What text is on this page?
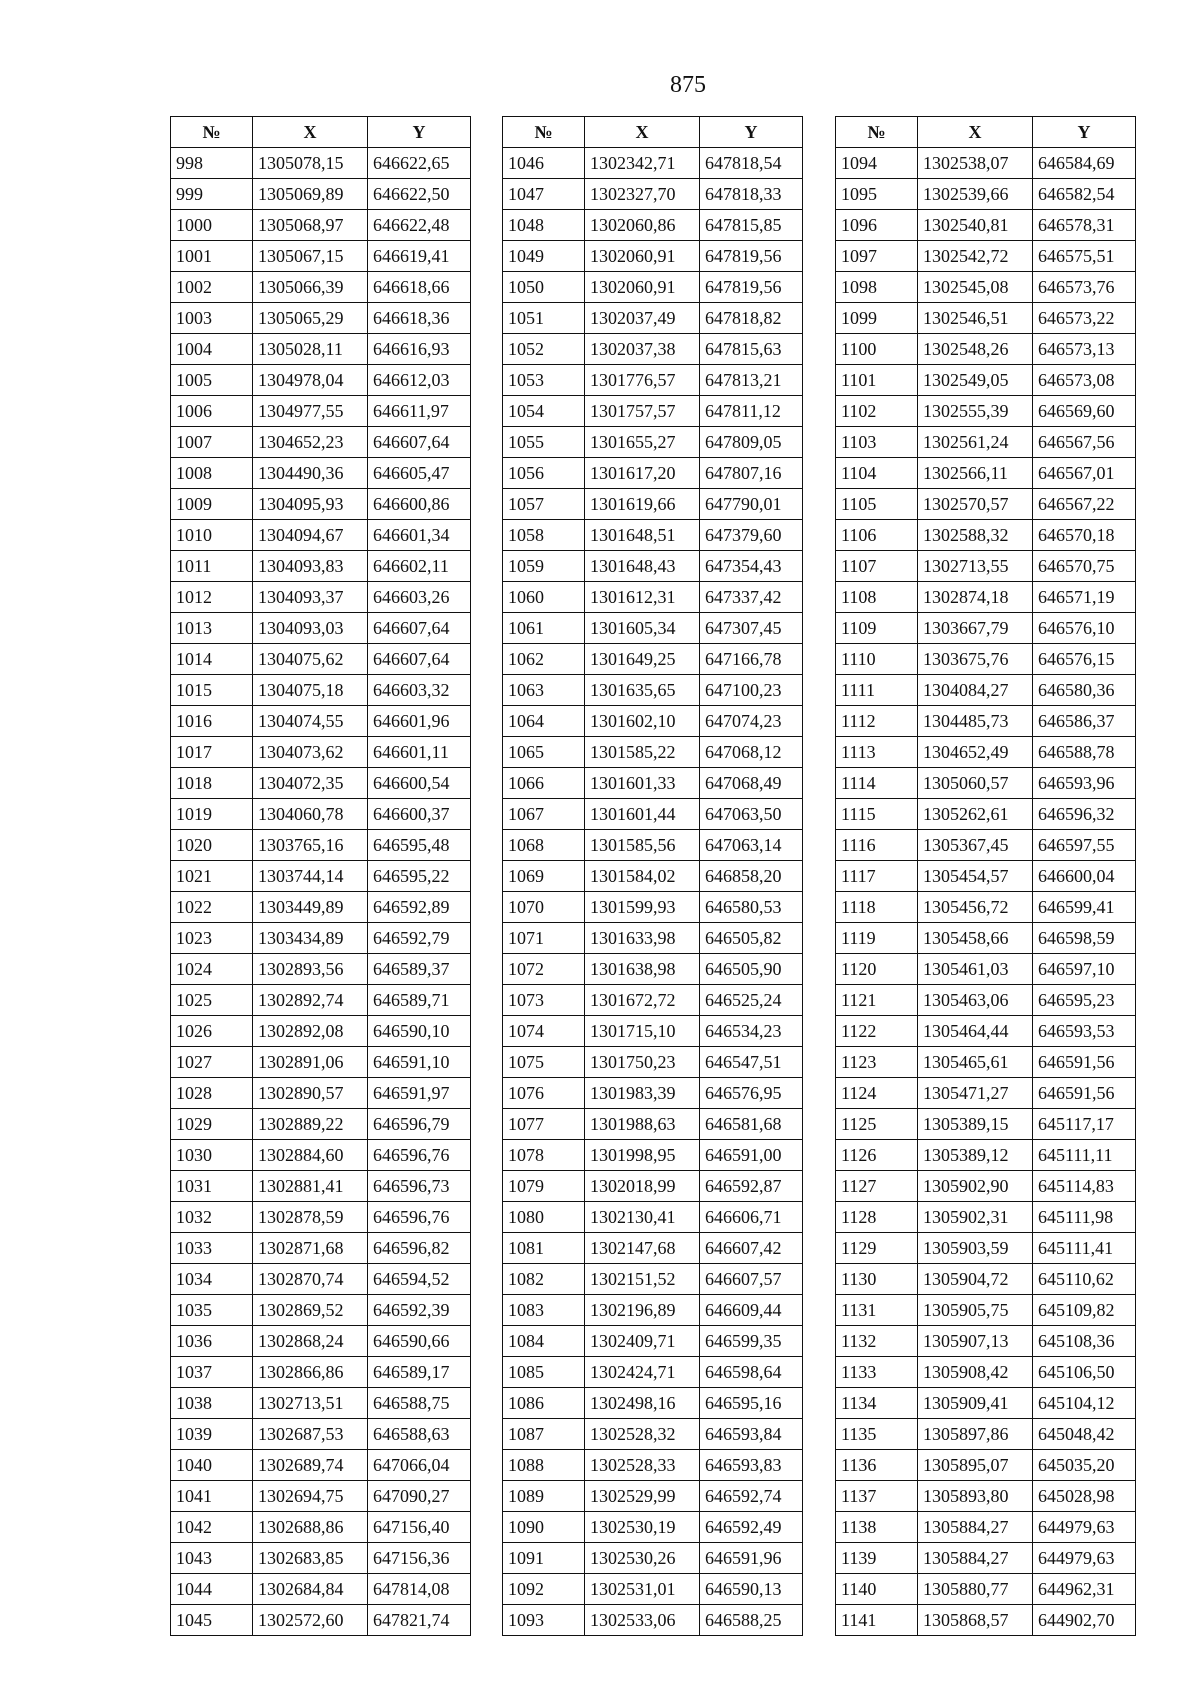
875
№	X	Y
998	1305078,15	646622,65
999	1305069,89	646622,50
1000	1305068,97	646622,48
1001	1305067,15	646619,41
1002	1305066,39	646618,66
1003	1305065,29	646618,36
1004	1305028,11	646616,93
1005	1304978,04	646612,03
1006	1304977,55	646611,97
1007	1304652,23	646607,64
1008	1304490,36	646605,47
1009	1304095,93	646600,86
1010	1304094,67	646601,34
1011	1304093,83	646602,11
1012	1304093,37	646603,26
1013	1304093,03	646607,64
1014	1304075,62	646607,64
1015	1304075,18	646603,32
1016	1304074,55	646601,96
1017	1304073,62	646601,11
1018	1304072,35	646600,54
1019	1304060,78	646600,37
1020	1303765,16	646595,48
1021	1303744,14	646595,22
1022	1303449,89	646592,89
1023	1303434,89	646592,79
1024	1302893,56	646589,37
1025	1302892,74	646589,71
1026	1302892,08	646590,10
1027	1302891,06	646591,10
1028	1302890,57	646591,97
1029	1302889,22	646596,79
1030	1302884,60	646596,76
1031	1302881,41	646596,73
1032	1302878,59	646596,76
1033	1302871,68	646596,82
1034	1302870,74	646594,52
1035	1302869,52	646592,39
1036	1302868,24	646590,66
1037	1302866,86	646589,17
1038	1302713,51	646588,75
1039	1302687,53	646588,63
1040	1302689,74	647066,04
1041	1302694,75	647090,27
1042	1302688,86	647156,40
1043	1302683,85	647156,36
1044	1302684,84	647814,08
1045	1302572,60	647821,74
№	X	Y
1046	1302342,71	647818,54
1047	1302327,70	647818,33
1048	1302060,86	647815,85
1049	1302060,91	647819,56
1050	1302060,91	647819,56
1051	1302037,49	647818,82
1052	1302037,38	647815,63
1053	1301776,57	647813,21
1054	1301757,57	647811,12
1055	1301655,27	647809,05
1056	1301617,20	647807,16
1057	1301619,66	647790,01
1058	1301648,51	647379,60
1059	1301648,43	647354,43
1060	1301612,31	647337,42
1061	1301605,34	647307,45
1062	1301649,25	647166,78
1063	1301635,65	647100,23
1064	1301602,10	647074,23
1065	1301585,22	647068,12
1066	1301601,33	647068,49
1067	1301601,44	647063,50
1068	1301585,56	647063,14
1069	1301584,02	646858,20
1070	1301599,93	646580,53
1071	1301633,98	646505,82
1072	1301638,98	646505,90
1073	1301672,72	646525,24
1074	1301715,10	646534,23
1075	1301750,23	646547,51
1076	1301983,39	646576,95
1077	1301988,63	646581,68
1078	1301998,95	646591,00
1079	1302018,99	646592,87
1080	1302130,41	646606,71
1081	1302147,68	646607,42
1082	1302151,52	646607,57
1083	1302196,89	646609,44
1084	1302409,71	646599,35
1085	1302424,71	646598,64
1086	1302498,16	646595,16
1087	1302528,32	646593,84
1088	1302528,33	646593,83
1089	1302529,99	646592,74
1090	1302530,19	646592,49
1091	1302530,26	646591,96
1092	1302531,01	646590,13
1093	1302533,06	646588,25
№	X	Y
1094	1302538,07	646584,69
1095	1302539,66	646582,54
1096	1302540,81	646578,31
1097	1302542,72	646575,51
1098	1302545,08	646573,76
1099	1302546,51	646573,22
1100	1302548,26	646573,13
1101	1302549,05	646573,08
1102	1302555,39	646569,60
1103	1302561,24	646567,56
1104	1302566,11	646567,01
1105	1302570,57	646567,22
1106	1302588,32	646570,18
1107	1302713,55	646570,75
1108	1302874,18	646571,19
1109	1303667,79	646576,10
1110	1303675,76	646576,15
1111	1304084,27	646580,36
1112	1304485,73	646586,37
1113	1304652,49	646588,78
1114	1305060,57	646593,96
1115	1305262,61	646596,32
1116	1305367,45	646597,55
1117	1305454,57	646600,04
1118	1305456,72	646599,41
1119	1305458,66	646598,59
1120	1305461,03	646597,10
1121	1305463,06	646595,23
1122	1305464,44	646593,53
1123	1305465,61	646591,56
1124	1305471,27	646591,56
1125	1305389,15	645117,17
1126	1305389,12	645111,11
1127	1305902,90	645114,83
1128	1305902,31	645111,98
1129	1305903,59	645111,41
1130	1305904,72	645110,62
1131	1305905,75	645109,82
1132	1305907,13	645108,36
1133	1305908,42	645106,50
1134	1305909,41	645104,12
1135	1305897,86	645048,42
1136	1305895,07	645035,20
1137	1305893,80	645028,98
1138	1305884,27	644979,63
1139	1305884,27	644979,63
1140	1305880,77	644962,31
1141	1305868,57	644902,70
